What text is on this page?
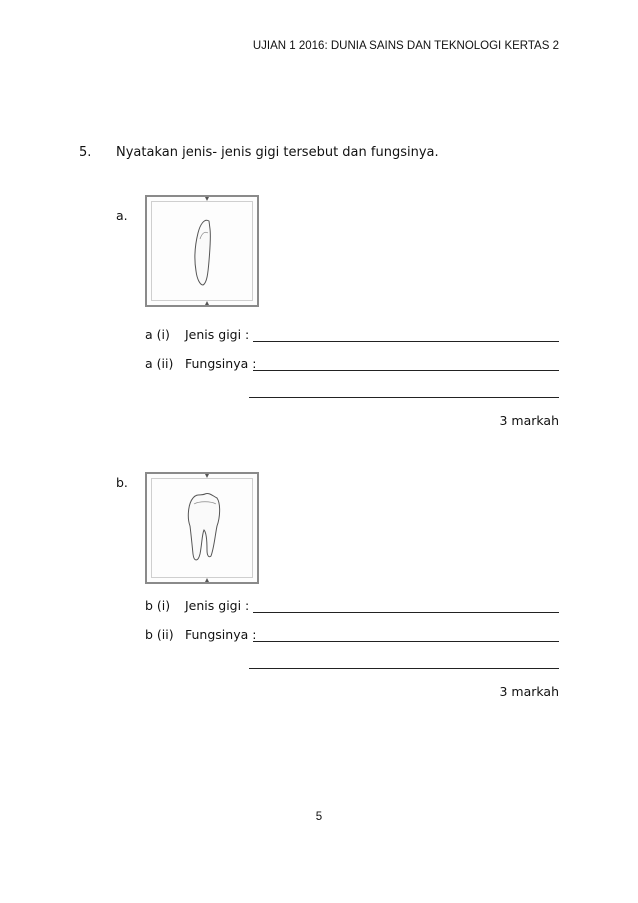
UJIAN 1 2016: DUNIA SAINS DAN TEKNOLOGI KERTAS 2
5. Nyatakan jenis- jenis gigi tersebut dan fungsinya.
a.
a (i) Jenis gigi :
a (ii) Fungsinya :
3 markah
b.
b (i) Jenis gigi :
b (ii) Fungsinya :
3 markah
5
